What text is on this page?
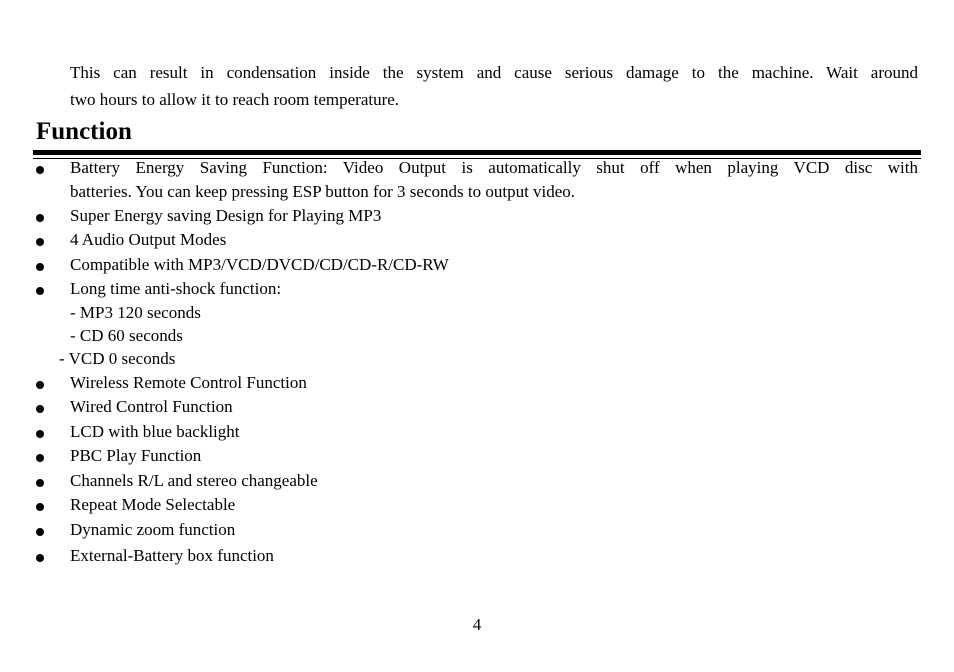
This can result in condensation inside the system and cause serious damage to the machine. Wait around
two hours to allow it to reach room temperature.
Function
Battery Energy Saving Function: Video Output is automatically shut off when playing VCD disc with
batteries. You can keep pressing ESP button for 3 seconds to output video.
Super Energy saving Design for Playing MP3
4 Audio Output Modes
Compatible with MP3/VCD/DVCD/CD/CD-R/CD-RW
Long time anti-shock function:
- MP3 120 seconds
- CD 60 seconds
- VCD 0 seconds
Wireless Remote Control Function
Wired Control Function
LCD with blue backlight
PBC Play Function
Channels R/L and stereo changeable
Repeat Mode Selectable
Dynamic zoom function
External-Battery box function
4
